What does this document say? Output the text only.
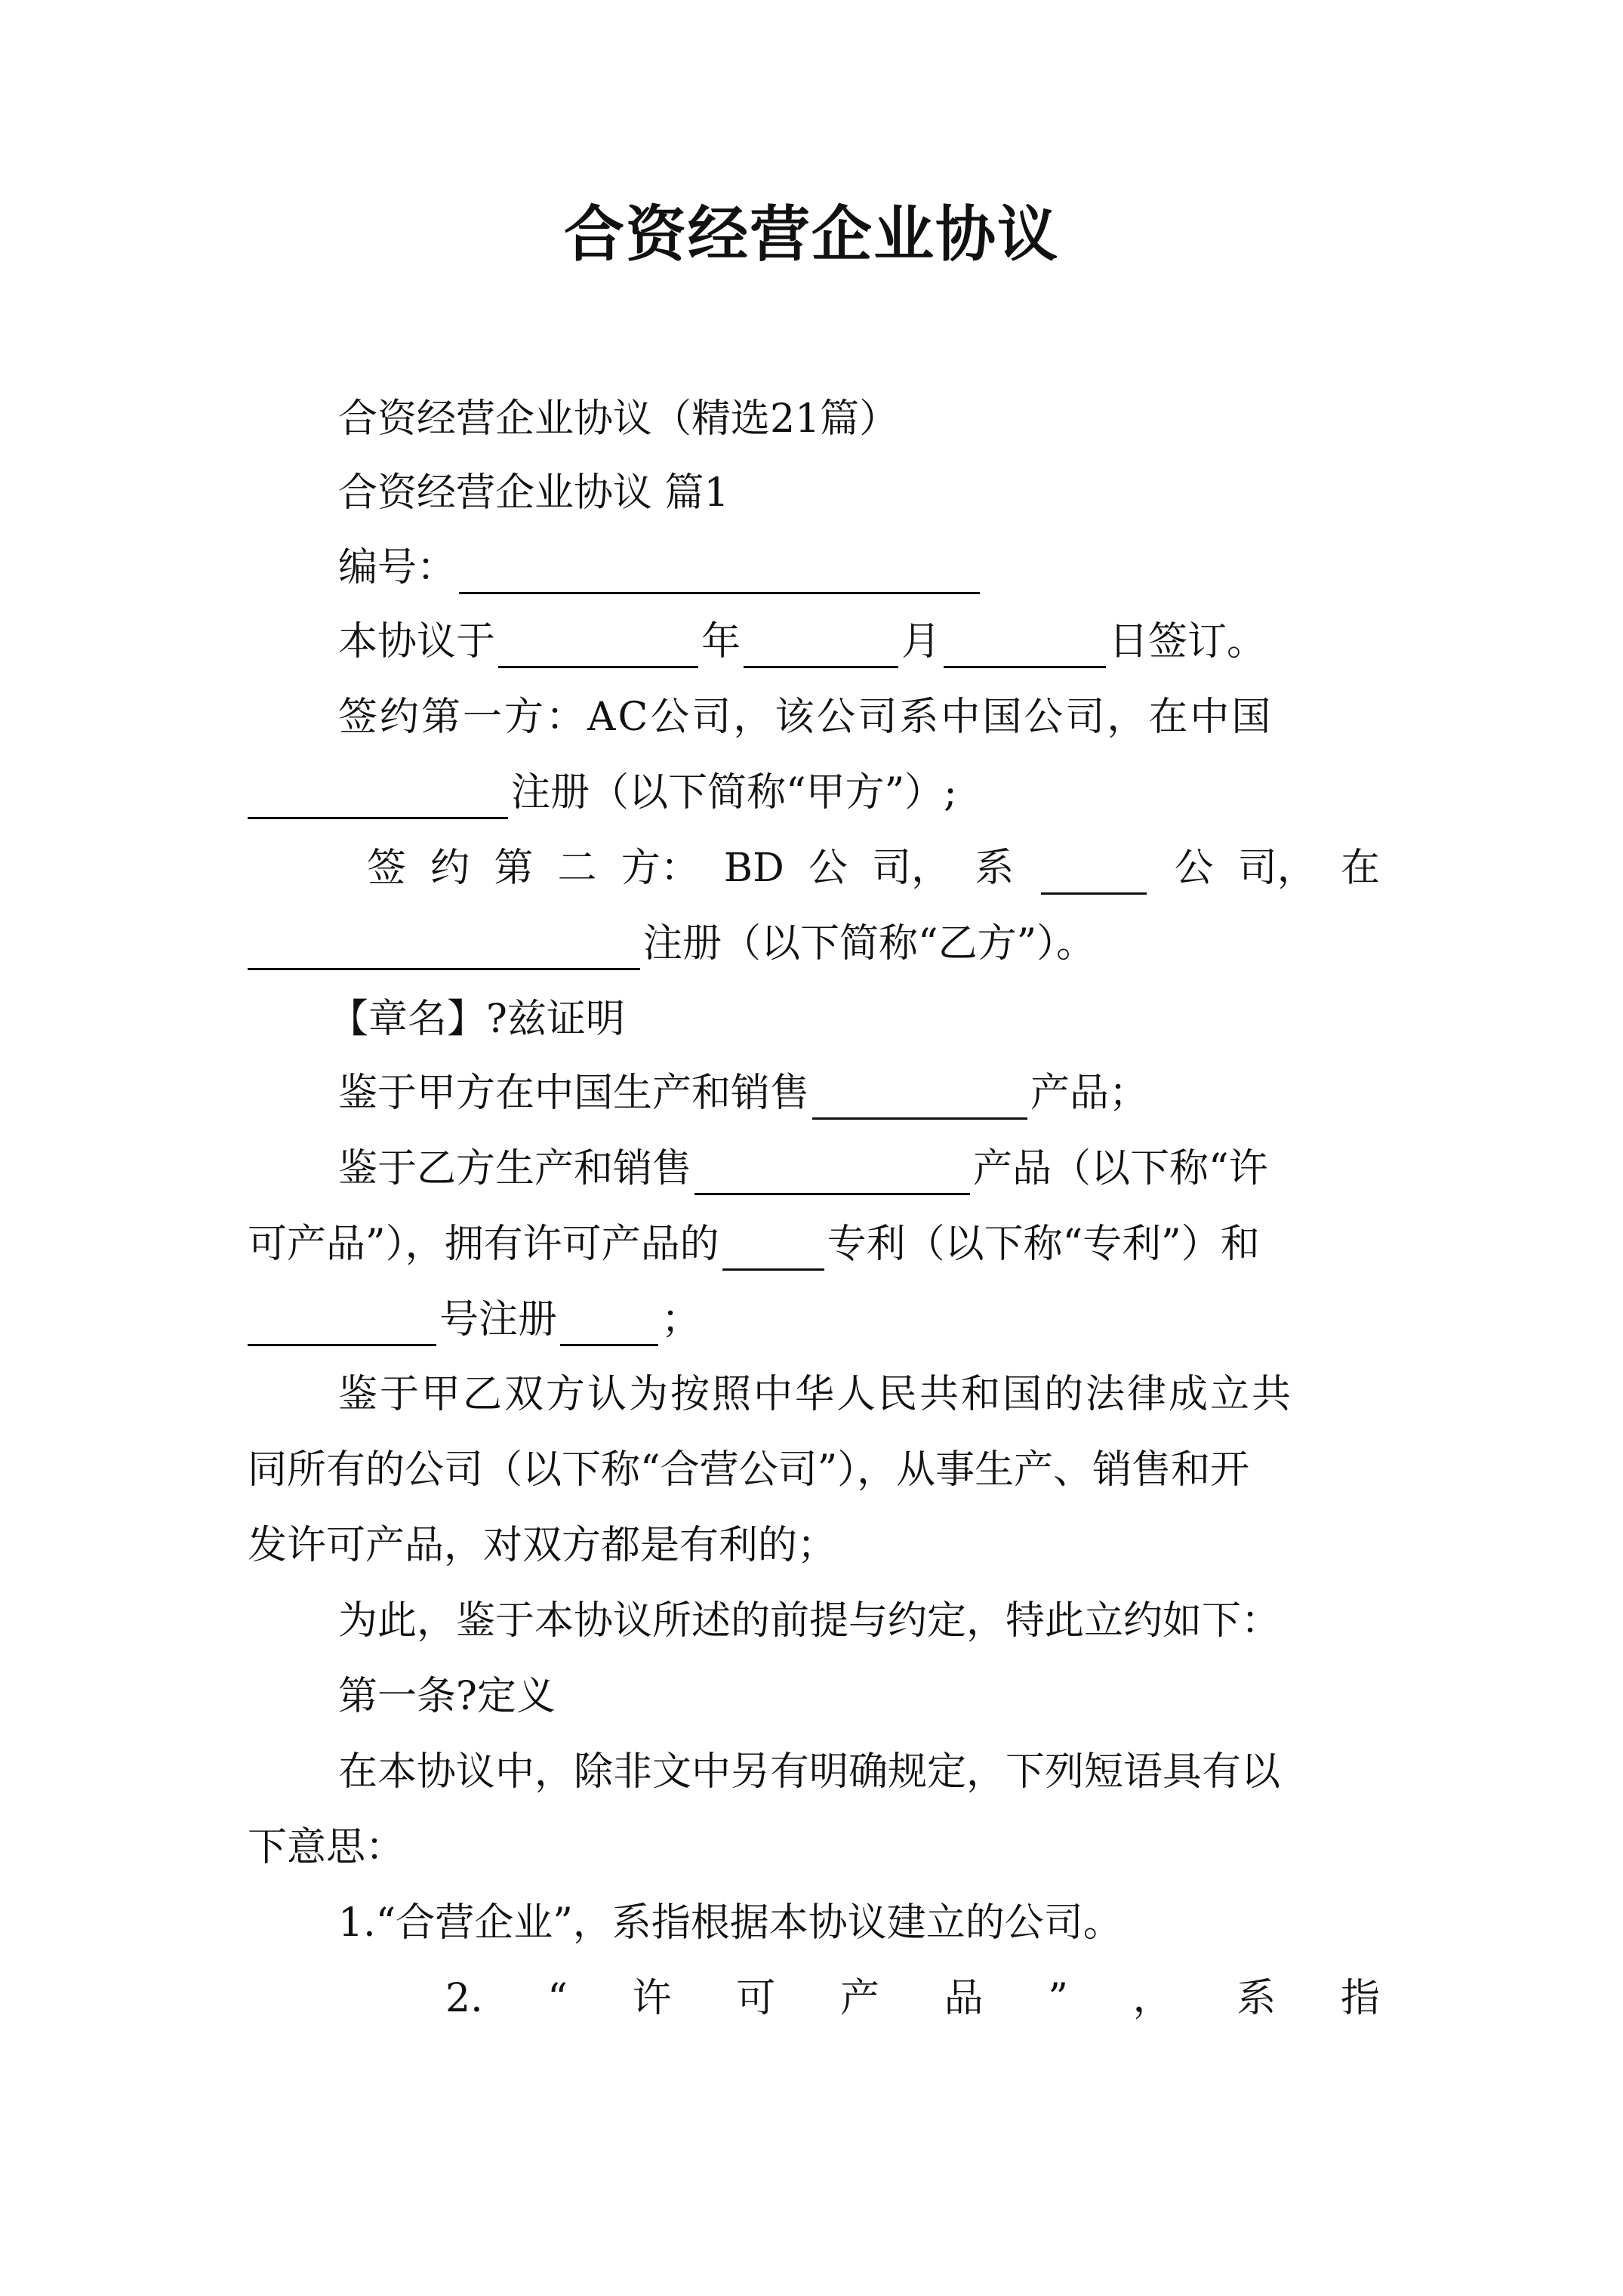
合资经营企业协议
合资经营企业协议（精选21篇）
合资经营企业协议 篇1
编号：
本协议于	年	月	日签订。
签约第一方：AC公司，该公司系中国公司，在中国
注册（以下简称“甲方”）;
签 约 第 二 方： BD 公 司， 系	公 司， 在
注册（以下简称“乙方”）。
【章名】?兹证明
鉴于甲方在中国生产和销售	产品；
鉴于乙方生产和销售	产品（以下称“许
可产品”），拥有许可产品的	专利（以下称“专利”）和
号注册	；
鉴于甲乙双方认为按照中华人民共和国的法律成立共
同所有的公司（以下称“合营公司”），从事生产、销售和开
发许可产品，对双方都是有利的；
为此，鉴于本协议所述的前提与约定，特此立约如下：
第一条?定义
在本协议中，除非文中另有明确规定，下列短语具有以
下意思：
1.“合营企业”，系指根据本协议建立的公司。
2. “ 许 可 产 品 ” ， 系 指
